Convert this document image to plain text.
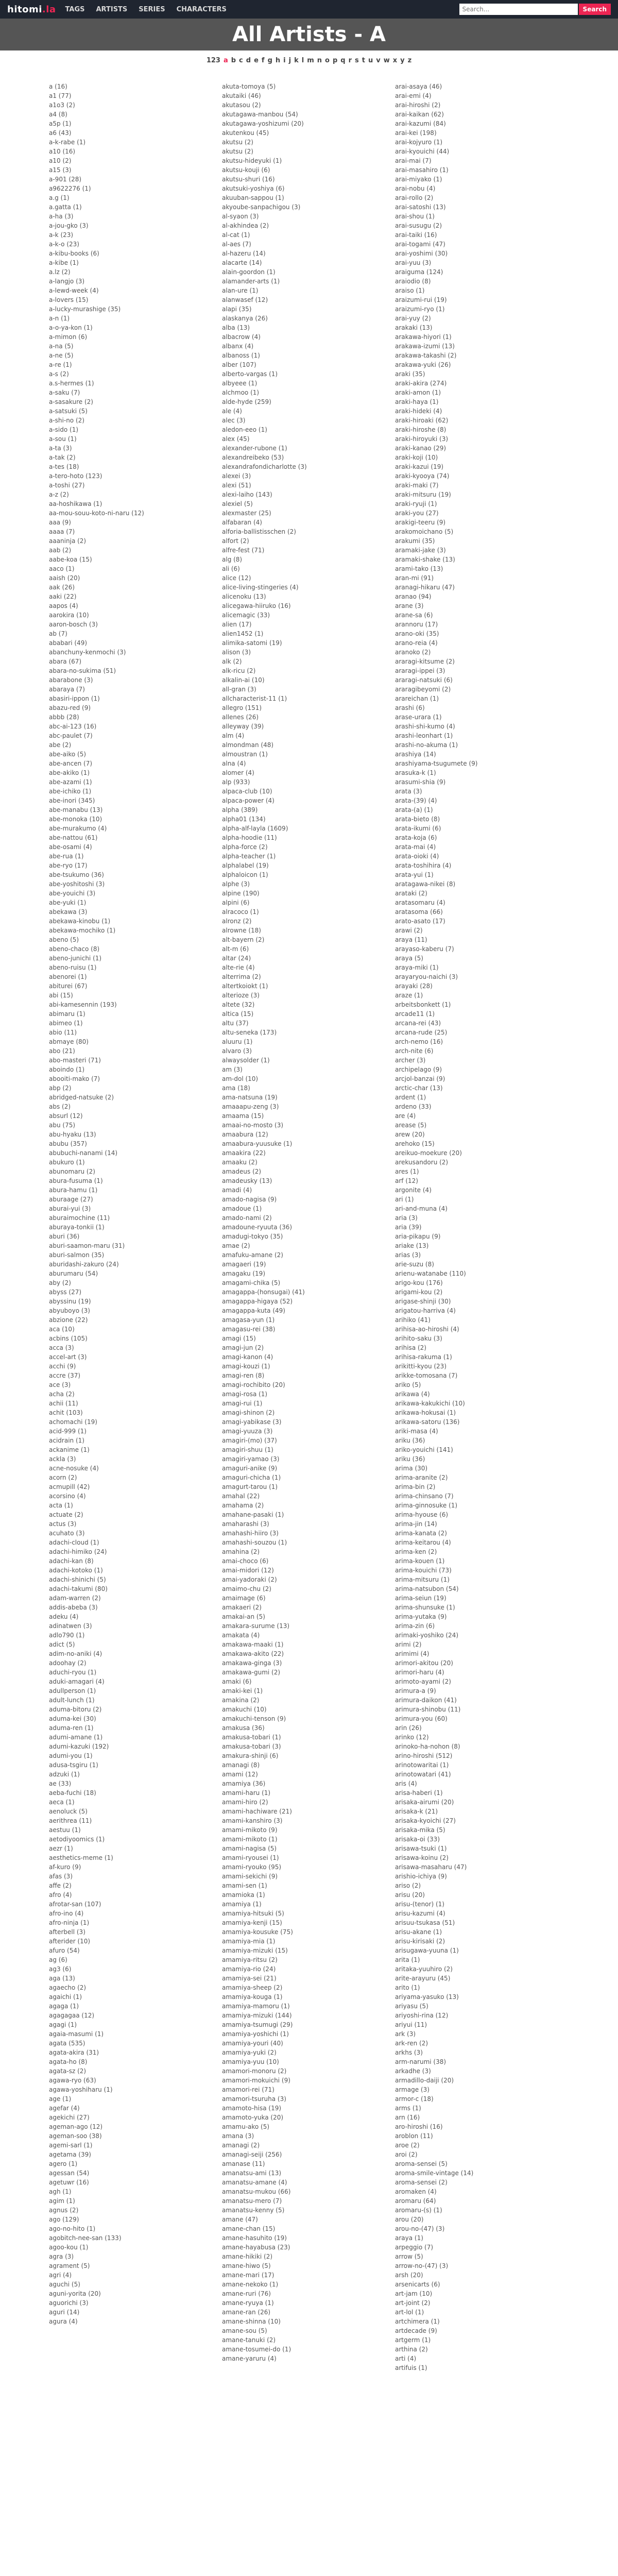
hitomi.la TAGS ARTISTS SERIES CHARACTERS
Search...	Search
All Artists - A
123 a b c d e f g h i j k l m n o p q r s t u v w x y z
a (16)
a1 (77)
a1o3 (2)
a4 (8)
a5p (1)
a6 (43)
a-k-rabe (1)
a10 (16)
a10 (2)
a15 (3)
a-901 (28)
a9622276 (1)
a.g (1)
a.gatta (1)
a-ha (3)
a-jou-gko (3)
a-k (23)
a-k-o (23)
a-kibu-books (6)
a-kibe (1)
a.lz (2)
a-langjo (3)
a-lewd-week (4)
a-lovers (15)
a-lucky-murashige (35)
a-n (1)
a-o-ya-kon (1)
a-mimon (6)
a-na (5)
a-ne (5)
a-re (1)
a-s (2)
a.s-hermes (1)
a-saku (7)
a-sasakure (2)
a-satsuki (5)
a-shi-no (2)
a-sido (1)
a-sou (1)
a-ta (3)
a-tak (2)
a-tes (18)
a-tero-hoto (123)
a-toshi (27)
a-z (2)
aa-hoshikawa (1)
aa-mou-souu-koto-ni-naru (12)
aaa (9)
aaaa (7)
aaaninja (2)
aab (2)
aabe-koa (15)
aaco (1)
aaish (20)
aak (26)
aaki (22)
aapos (4)
aarokira (10)
aaron-bosch (3)
ab (7)
ababari (49)
abanchuny-kenmochi (3)
abara (67)
abara-no-sukima (51)
abarabone (3)
abaraya (7)
abasiri-ippon (1)
abazu-red (9)
abbb (28)
abc-ai-123 (16)
abc-paulet (7)
abe (2)
abe-aiko (5)
abe-ancen (7)
abe-akiko (1)
abe-azami (1)
abe-ichiko (1)
abe-inori (345)
abe-manabu (13)
abe-monoka (10)
abe-murakumo (4)
abe-nattou (61)
abe-osami (4)
abe-rua (1)
abe-ryo (17)
abe-tsukumo (36)
abe-yoshitoshi (3)
abe-youichi (3)
abe-yuki (1)
abekawa (3)
abekawa-kinobu (1)
abekawa-mochiko (1)
abeno (5)
abeno-chaco (8)
abeno-junichi (1)
abeno-ruisu (1)
abenorei (1)
abiturei (67)
abi (15)
abi-kamesennin (193)
abimaru (1)
abimeo (1)
abio (11)
abmaye (80)
abo (21)
abo-masteri (71)
aboindo (1)
abooiti-mako (7)
abp (2)
abridged-natsuke (2)
abs (2)
absurl (12)
abu (75)
abu-hyaku (13)
abubu (357)
abubuchi-nanami (14)
abukuro (1)
abunomaru (2)
abura-fusuma (1)
abura-hamu (1)
aburaage (27)
aburai-yui (3)
aburaimochine (11)
aburaya-tonkii (1)
aburi (36)
aburi-saamon-maru (31)
aburi-salmon (35)
aburidashi-zakuro (24)
aburumaru (54)
aby (2)
abyss (27)
abyssinu (19)
abyuboyo (3)
abzione (22)
aca (10)
acbins (105)
acca (3)
accel-art (3)
acchi (9)
accre (37)
ace (3)
acha (2)
achii (11)
achit (103)
achomachi (19)
acid-999 (1)
acidrain (1)
ackanime (1)
ackla (3)
acne-nosuke (4)
acorn (2)
acmupill (42)
acorsino (4)
acta (1)
actuate (2)
actus (3)
acuhato (3)
adachi-cloud (1)
adachi-himiko (24)
adachi-kan (8)
adachi-kotoko (1)
adachi-shinichi (5)
adachi-takumi (80)
adam-warren (2)
addis-abeba (3)
adeku (4)
adinatwen (3)
adlo790 (1)
adict (5)
adim-no-aniki (4)
adoohay (2)
aduchi-ryou (1)
aduki-amagari (4)
adullperson (1)
adult-lunch (1)
aduma-bitoru (2)
aduma-kei (30)
aduma-ren (1)
adumi-amane (1)
adumi-kazuki (192)
adumi-you (1)
adusa-tsgiru (1)
adzuki (1)
ae (33)
aeba-fuchi (18)
aeca (1)
aenoluck (5)
aerithrea (11)
aestuu (1)
aetodiyoomics (1)
aezr (1)
aesthetics-meme (1)
af-kuro (9)
afas (3)
affe (2)
afro (4)
afrotar-san (107)
afro-ino (4)
afro-ninja (1)
afterbell (3)
afterider (10)
afuro (54)
ag (6)
ag3 (6)
aga (13)
agaecho (2)
agaichi (1)
agaga (1)
agagagaa (12)
agagi (1)
agaia-masumi (1)
agata (535)
agata-akira (31)
agata-ho (8)
agata-sz (2)
agawa-ryo (63)
agawa-yoshiharu (1)
age (1)
agefar (4)
agekichi (27)
ageman-ago (12)
ageman-soo (38)
agemi-sarl (1)
agetama (39)
agero (1)
agessan (54)
agetuwr (16)
agh (1)
agim (1)
agnus (2)
ago (129)
ago-no-hito (1)
agobitch-nee-san (133)
agoo-kou (1)
agra (3)
agrament (5)
agri (4)
aguchi (5)
aguni-yorita (20)
aguorichi (3)
aguri (14)
agura (4)
akuta-tomoya (5)
akutaiki (46)
akutasou (2)
akutagawa-manbou (54)
akutagawa-yoshizumi (20)
akutenkou (45)
akutsu (2)
akutsu (2)
akutsu-hideyuki (1)
akutsu-kouji (6)
akutsu-shuri (16)
akutsuki-yoshiya (6)
akuuban-sappou (1)
akyoube-sanpachigou (3)
al-syaon (3)
al-akhindea (2)
al-cat (1)
al-aes (7)
al-hazeru (14)
alacarte (14)
alain-goordon (1)
alamander-arts (1)
alan-ure (1)
alanwasef (12)
alapi (35)
alaskanya (26)
alba (13)
albacrow (4)
albanx (4)
albanoss (1)
alber (107)
alberto-vargas (1)
albyeee (1)
alchmoo (1)
alde-hyde (259)
ale (4)
alec (3)
aledon-eeo (1)
alex (45)
alexander-rubone (1)
alexandreibeko (53)
alexandrafondicharlotte (3)
alexei (3)
alexi (51)
alexi-laiho (143)
alexiel (5)
alexmaster (25)
alfabaran (4)
alforia-ballistisschen (2)
alfort (2)
alfre-fest (71)
alg (8)
ali (6)
alice (12)
alice-living-stingeries (4)
alicenoku (13)
alicegawa-hiiruko (16)
alicemagic (33)
alien (17)
alien1452 (1)
alimika-satomi (19)
alison (3)
alk (2)
alk-ricu (2)
alkalin-ai (10)
all-gran (3)
allcharacterist-11 (1)
allegro (151)
allenes (26)
alleyway (39)
alm (4)
almondman (48)
almoustran (1)
alna (4)
alomer (4)
alp (933)
alpaca-club (10)
alpaca-power (4)
alpha (389)
alpha01 (134)
alpha-alf-layla (1609)
alpha-hoodie (11)
alpha-force (2)
alpha-teacher (1)
alphalabel (19)
alphaloicon (1)
alphe (3)
alpine (190)
alpini (6)
alracoco (1)
alronz (2)
alrowne (18)
alt-bayern (2)
alt-m (6)
altar (24)
alte-rie (4)
alterrima (2)
altertkoiokt (1)
alterioze (3)
altete (32)
altica (15)
altu (37)
altu-seneka (173)
aluuru (1)
alvaro (3)
alwaysolder (1)
am (3)
am-dol (10)
ama (18)
ama-natsuna (19)
amaaapu-zeng (3)
amaama (15)
amaai-no-mosto (3)
amaabura (12)
amaabura-yuusuke (1)
amaakira (22)
amaaku (2)
amadeus (2)
amadeusky (13)
amadi (4)
amado-nagisa (9)
amadoue (1)
amado-nami (2)
amadoune-ryuuta (36)
amadugi-tokyo (35)
amae (2)
amafuku-amane (2)
amagaeri (19)
amagaku (19)
amagami-chika (5)
amagappa-(honsugai) (41)
amagappa-higaya (52)
amagappa-kuta (49)
amagasa-yun (1)
amagasu-rei (38)
amagi (15)
amagi-jun (2)
amagi-kanon (4)
amagi-kouzi (1)
amagi-ren (8)
amagi-rochibito (20)
amagi-rosa (1)
amagi-rui (1)
amagi-shinon (2)
amagi-yabikase (3)
amagi-yuuza (3)
amagiri-(mo) (37)
amagiri-shuu (1)
amagiri-yamao (3)
amaguri-anike (9)
amaguri-chicha (1)
amagurt-tarou (1)
amahal (22)
amahama (2)
amahane-pasaki (1)
amaharashi (3)
amahashi-hiiro (3)
amahashi-souzou (1)
amahina (2)
amai-choco (6)
amai-midori (12)
amai-yadoraki (2)
amaimo-chu (2)
amaimage (6)
amakaeri (2)
amakai-an (5)
amakara-surume (13)
amakata (4)
amakawa-maaki (1)
amakawa-akito (22)
amakawa-ginga (3)
amakawa-gumi (2)
amaki (6)
amaki-kei (1)
amakina (2)
amakuchi (10)
amakuchi-tenson (9)
amakusa (36)
amakusa-tobari (1)
amakusa-tobari (3)
amakura-shinji (6)
amanagi (8)
amami (12)
amamiya (36)
amami-haru (1)
amami-hiro (2)
amami-hachiware (21)
amami-kanshiro (3)
amami-mikoto (9)
amami-mikoto (1)
amami-nagisa (5)
amami-ryousei (1)
amami-ryouko (95)
amami-sekichi (9)
amami-sen (1)
amamioka (1)
amamiya (1)
amamiya-hitsuki (5)
amamiya-kenji (15)
amamiya-kousuke (75)
amamiya-mia (1)
amamiya-mizuki (15)
amamiya-ritsu (2)
amamiya-rio (24)
amamiya-sei (21)
amamiya-sheep (2)
amamiya-kouga (1)
amamiya-mamoru (1)
amamiya-mizuki (144)
amamiya-tsumugi (29)
amamiya-yoshichi (1)
amamiya-youri (40)
amamiya-yuki (2)
amamiya-yuu (10)
amamori-monoru (2)
amamori-mokuichi (9)
amamori-rei (71)
amamori-tsuruha (3)
amamoto-hisa (19)
amamoto-yuka (20)
amamu-ako (5)
amana (3)
amanagi (2)
amanagi-seiji (256)
amanase (11)
amanatsu-ami (13)
amanatsu-amane (4)
amanatsu-mukou (66)
amanatsu-mero (7)
amanatsu-kenny (5)
amane (47)
amane-chan (15)
amane-hasuhito (19)
amane-hayabusa (23)
amane-hikiki (2)
amane-hiwo (5)
amane-mari (17)
amane-nekoko (1)
amane-ruri (76)
amane-ryuya (1)
amane-ran (26)
amane-shinna (10)
amane-sou (5)
amane-tanuki (2)
amane-tosumei-do (1)
amane-yaruru (4)
arai-asaya (46)
arai-emi (4)
arai-hiroshi (2)
arai-kaikan (62)
arai-kazumi (84)
arai-kei (198)
arai-kojyuro (1)
arai-kyouichi (44)
arai-mai (7)
arai-masahiro (1)
arai-miyako (1)
arai-nobu (4)
arai-rollo (2)
arai-satoshi (13)
arai-shou (1)
arai-susugu (2)
arai-taiki (16)
arai-togami (47)
arai-yoshimi (30)
arai-yuu (3)
araiguma (124)
araiodio (8)
araiso (1)
araizumi-rui (19)
araizumi-ryo (1)
arai-yuy (2)
arakaki (13)
arakawa-hiyori (1)
arakawa-izumi (13)
arakawa-takashi (2)
arakawa-yuki (26)
araki (35)
araki-akira (274)
araki-amon (1)
araki-haya (1)
araki-hideki (4)
araki-hiroaki (62)
araki-hiroshe (8)
araki-hiroyuki (3)
araki-kanao (29)
araki-koji (10)
araki-kazui (19)
araki-kyooya (74)
araki-maki (7)
araki-mitsuru (19)
araki-ryuji (1)
araki-you (27)
arakigi-teeru (9)
arakomoichano (5)
arakumi (35)
aramaki-jake (3)
aramaki-shake (13)
arami-tako (13)
aran-mi (91)
aranagi-hikaru (47)
aranao (94)
arane (3)
arane-sa (6)
arannoru (17)
arano-oki (35)
arano-reia (4)
aranoko (2)
araragi-kitsume (2)
araragi-ippei (3)
araragi-natsuki (6)
araragibeyomi (2)
arareichan (1)
arashi (6)
arase-urara (1)
arashi-shi-kumo (4)
arashi-leonhart (1)
arashi-no-akuma (1)
arashiya (14)
arashiyama-tsugumete (9)
arasuka-k (1)
arasumi-shia (9)
arata (3)
arata-(39) (4)
arata-(a) (1)
arata-bieto (8)
arata-ikumi (6)
arata-koja (6)
arata-mai (4)
arata-oioki (4)
arata-toshihira (4)
arata-yui (1)
aratagawa-nikei (8)
arataki (2)
aratasomaru (4)
aratasoma (66)
arato-asato (17)
arawi (2)
araya (11)
arayaso-kaberu (7)
araya (5)
araya-miki (1)
arayaryou-naichi (3)
arayaki (28)
araze (1)
arbeitsbonkett (1)
arcade11 (1)
arcana-rei (43)
arcana-rude (25)
arch-nemo (16)
arch-nite (6)
archer (3)
archipelago (9)
arcjol-banzai (9)
arctic-char (13)
ardent (1)
ardeno (33)
are (4)
arease (5)
arew (20)
arehoko (15)
areikuo-moekure (20)
arekusandoru (2)
ares (1)
arf (12)
argonite (4)
ari (1)
ari-and-muna (4)
aria (3)
aria (39)
aria-pikapu (9)
ariake (13)
arias (3)
arie-suzu (8)
arienu-watanabe (110)
arigo-kou (176)
arigami-kou (2)
arigase-shinji (30)
arigatou-harriva (4)
arihiko (41)
arihisa-ao-hiroshi (4)
arihito-saku (3)
arihisa (2)
arihisa-rakuma (1)
arikitti-kyou (23)
arikke-tomosana (7)
ariko (5)
arikawa (4)
arikawa-kakukichi (10)
arikawa-hokusai (1)
arikawa-satoru (136)
ariki-masa (4)
ariku (36)
ariko-youichi (141)
ariku (36)
arima (30)
arima-aranite (2)
arima-bin (2)
arima-chinsano (7)
arima-ginnosuke (1)
arima-hyouse (6)
arima-jin (14)
arima-kanata (2)
arima-keitarou (4)
arima-ken (2)
arima-kouen (1)
arima-kouichi (73)
arima-mitsuru (1)
arima-natsubon (54)
arima-seiun (19)
arima-shunsuke (1)
arima-yutaka (9)
arima-zin (6)
arimaki-yoshiko (24)
arimi (2)
arimimi (4)
arimori-akitou (20)
arimori-haru (4)
arimoto-ayami (2)
arimura-a (9)
arimura-daikon (41)
arimura-shinobu (11)
arimura-you (60)
arin (26)
arinko (12)
arinoko-ha-nohon (8)
arino-hiroshi (512)
arinotowaritai (1)
arinotowatari (41)
aris (4)
arisa-haberi (1)
arisaka-airumi (20)
arisaka-k (21)
arisaka-kyoichi (27)
arisaka-mika (5)
arisaka-oi (33)
arisawa-tsuki (1)
arisawa-koinu (2)
arisawa-masaharu (47)
arishio-ichiya (9)
ariso (2)
arisu (20)
arisu-(tenor) (1)
arisu-kazumi (4)
arisuu-tsukasa (51)
arisu-akane (1)
arisu-kirisaki (2)
arisugawa-yuuna (1)
arita (1)
aritaka-yuuhiro (2)
arite-arayuru (45)
arito (1)
ariyama-yasuko (13)
ariyasu (5)
ariyoshi-rina (12)
ariyui (11)
ark (3)
ark-ren (2)
arkhs (3)
arm-narumi (38)
arkadhe (3)
armadillo-daiji (20)
armage (3)
armor-c (18)
arms (1)
arn (16)
aro-hiroshi (16)
aroblon (11)
aroe (2)
aroi (2)
aroma-sensei (5)
aroma-smile-vintage (14)
aroma-sensei (2)
aromaken (4)
aromaru (64)
aromaru-(s) (1)
arou (20)
arou-no-(47) (3)
araya (1)
arpeggio (7)
arrow (5)
arrow-no-(47) (3)
arsh (20)
arsenicarts (6)
art-jam (10)
art-joint (2)
art-lol (1)
artchimera (1)
artdecade (9)
artgerm (1)
arthina (2)
arti (4)
artifuis (1)
